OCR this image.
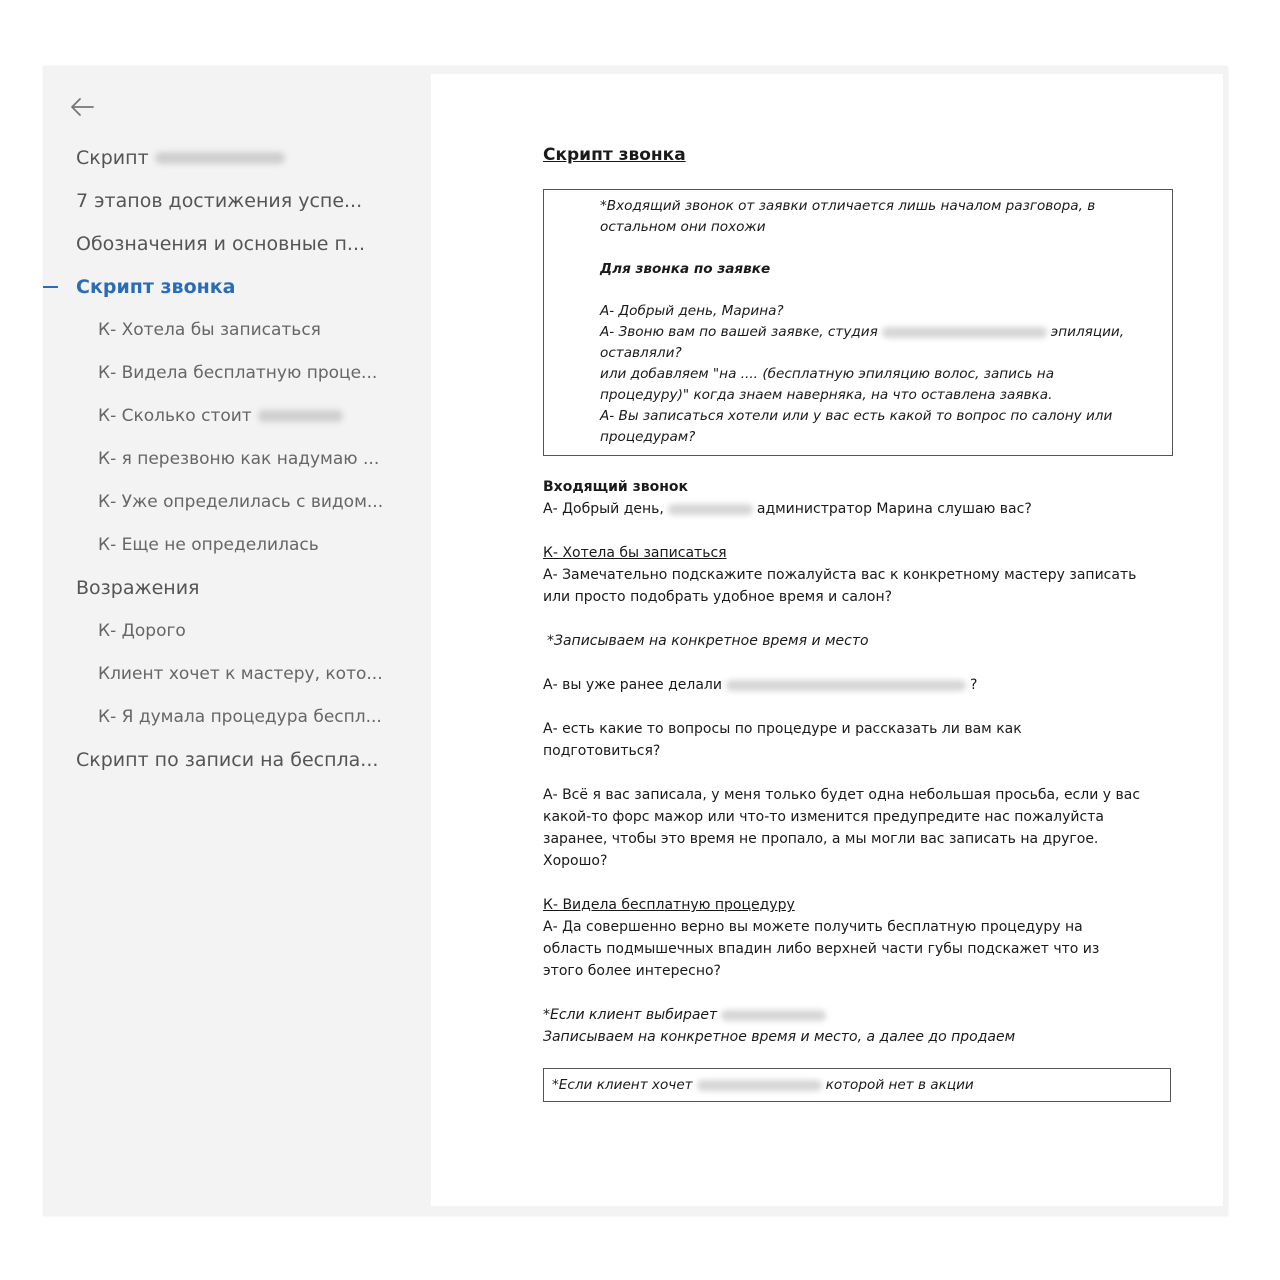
Скрипт
7 этапов достижения успе...
Обозначения и основные п...
Скрипт звонка
К- Хотела бы записаться
К- Видела бесплатную проце...
К- Сколько стоит
К- я перезвоню как надумаю ...
К- Уже определилась с видом...
К- Еще не определилась
Возражения
К- Дорого
Клиент хочет к мастеру, кото...
К- Я думала процедура беспл...
Скрипт по записи на беспла...

Скрипт звонка

*Входящий звонок от заявки отличается лишь началом разговора, в

остальном они похожи

Для звонка по заявке

А- Добрый день, Марина?

А- Звоню вам по вашей заявке, студия	эпиляции,

оставляли?

или добавляем "на .... (бесплатную эпиляцию волос, запись на

процедуру)" когда знаем наверняка, на что оставлена заявка.

А- Вы записаться хотели или у вас есть какой то вопрос по салону или

процедурам?

Входящий звонок

А- Добрый день,	администратор Марина слушаю вас?

К- Хотела бы записаться

А- Замечательно подскажите пожалуйста вас к конкретному мастеру записать

или просто подобрать удобное время и салон?

*Записываем на конкретное время и место

А- вы уже ранее делали	?

А- есть какие то вопросы по процедуре и рассказать ли вам как

подготовиться?

А- Всё я вас записала, у меня только будет одна небольшая просьба, если у вас

какой-то форс мажор или что-то изменится предупредите нас пожалуйста

заранее, чтобы это время не пропало, а мы могли вас записать на другое.

Хорошо?

К- Видела бесплатную процедуру

А- Да совершенно верно вы можете получить бесплатную процедуру на

область подмышечных впадин либо верхней части губы подскажет что из

этого более интересно?

*Если клиент выбирает

Записываем на конкретное время и место, а далее до продаем

*Если клиент хочет	которой нет в акции
